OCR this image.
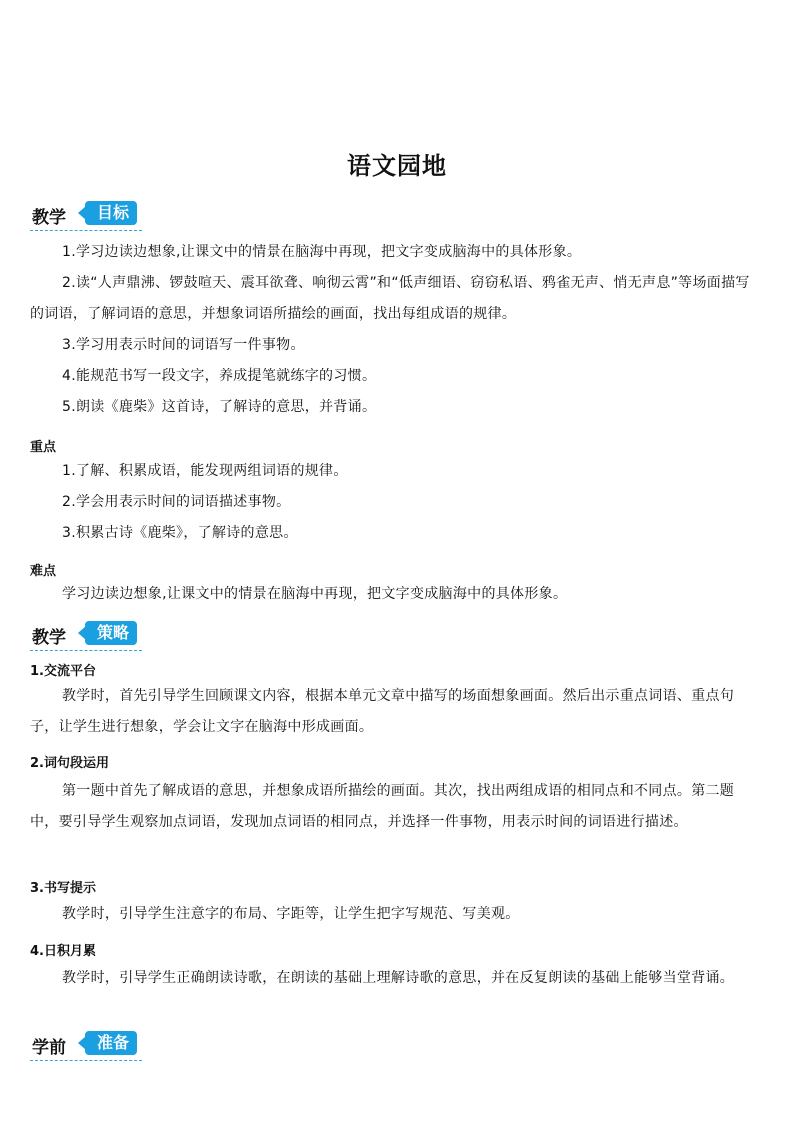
语文园地
教学	目标
1.学习边读边想象,让课文中的情景在脑海中再现，把文字变成脑海中的具体形象。
2.读“人声鼎沸、锣鼓喧天、震耳欲聋、响彻云霄”和“低声细语、窃窃私语、鸦雀无声、悄无声息”等场面描写的词语，了解词语的意思，并想象词语所描绘的画面，找出每组成语的规律。
3.学习用表示时间的词语写一件事物。
4.能规范书写一段文字，养成提笔就练字的习惯。
5.朗读《鹿柴》这首诗，了解诗的意思，并背诵。
重点
1.了解、积累成语，能发现两组词语的规律。
2.学会用表示时间的词语描述事物。
3.积累古诗《鹿柴》，了解诗的意思。
难点
学习边读边想象,让课文中的情景在脑海中再现，把文字变成脑海中的具体形象。
教学	策略
1.交流平台
教学时，首先引导学生回顾课文内容，根据本单元文章中描写的场面想象画面。然后出示重点词语、重点句子，让学生进行想象，学会让文字在脑海中形成画面。
2.词句段运用
第一题中首先了解成语的意思，并想象成语所描绘的画面。其次，找出两组成语的相同点和不同点。第二题中，要引导学生观察加点词语，发现加点词语的相同点，并选择一件事物，用表示时间的词语进行描述。
3.书写提示
教学时，引导学生注意字的布局、字距等，让学生把字写规范、写美观。
4.日积月累
教学时，引导学生正确朗读诗歌，在朗读的基础上理解诗歌的意思，并在反复朗读的基础上能够当堂背诵。
学前	准备
